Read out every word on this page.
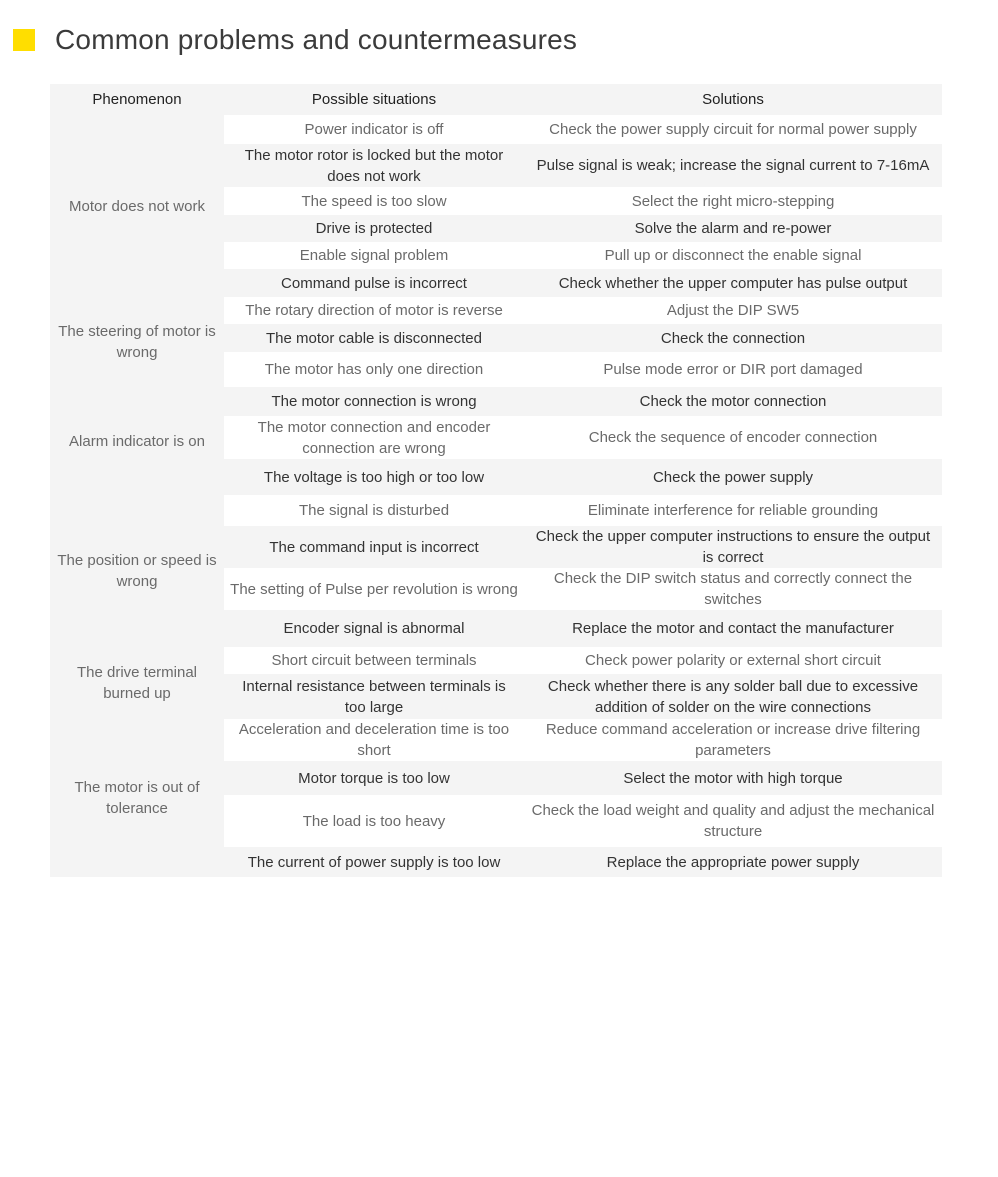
Common problems and countermeasures
Phenomenon	Possible situations	Solutions
Motor does not work	Power indicator is off	Check the power supply circuit for normal power supply
	The motor rotor is locked but the motor does not work	Pulse signal is weak; increase the signal current to 7-16mA
	The speed is too slow	Select the right micro-stepping
	Drive is protected	Solve the alarm and re-power
	Enable signal problem	Pull up or disconnect the enable signal
	Command pulse is incorrect	Check whether the upper computer has pulse output
The steering of motor is wrong	The rotary direction of motor is reverse	Adjust the DIP SW5
	The motor cable is disconnected	Check the connection
	The motor has only one direction	Pulse mode error or DIR port damaged
Alarm indicator is on	The motor connection is wrong	Check the motor connection
	The motor connection and encoder connection are wrong	Check the sequence of encoder connection
	The voltage is too high or too low	Check the power supply
The position or speed is wrong	The signal is disturbed	Eliminate interference for reliable grounding
	The command input is incorrect	Check the upper computer instructions to ensure the output is correct
	The setting of Pulse per revolution is wrong	Check the DIP switch status and correctly connect the switches
	Encoder signal is abnormal	Replace the motor and contact the manufacturer
The drive terminal burned up	Short circuit between terminals	Check power polarity or external short circuit
	Internal resistance between terminals is too large	Check whether there is any solder ball due to excessive addition of solder on the wire connections
The motor is out of tolerance	Acceleration and deceleration time is too short	Reduce command acceleration or increase drive filtering parameters
	Motor torque is too low	Select the motor with high torque
	The load is too heavy	Check the load weight and quality and adjust the mechanical structure
	The current of power supply is too low	Replace the appropriate power supply
